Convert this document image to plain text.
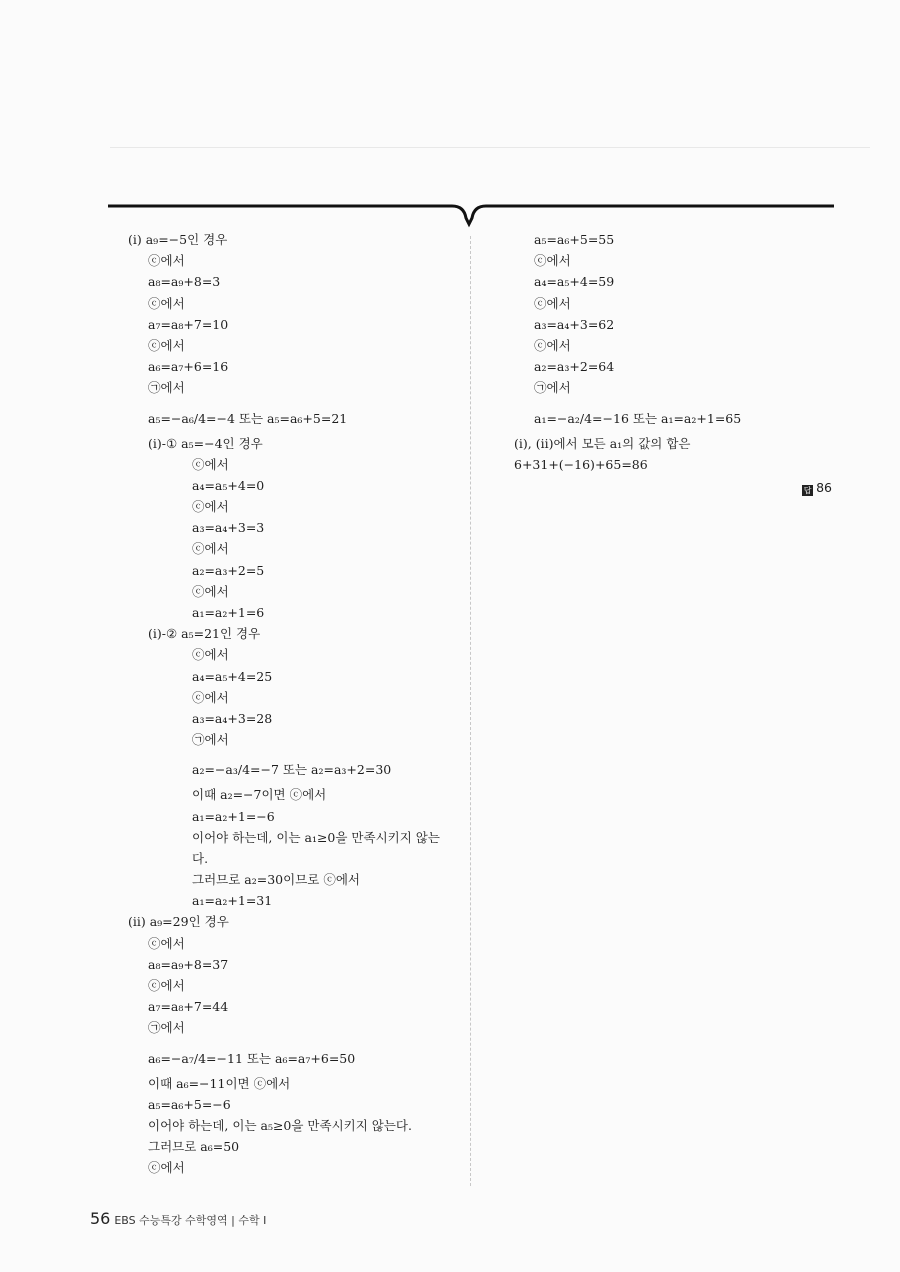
(ⅰ) a₉=−5인 경우
ⓒ에서
a₈=a₉+8=3
ⓒ에서
a₇=a₈+7=10
ⓒ에서
a₆=a₇+6=16
㉠에서
a₅=−a₆/4=−4 또는 a₅=a₆+5=21
(ⅰ)-① a₅=−4인 경우
ⓒ에서
a₄=a₅+4=0
ⓒ에서
a₃=a₄+3=3
ⓒ에서
a₂=a₃+2=5
ⓒ에서
a₁=a₂+1=6
(ⅰ)-② a₅=21인 경우
ⓒ에서
a₄=a₅+4=25
ⓒ에서
a₃=a₄+3=28
㉠에서
a₂=−a₃/4=−7 또는 a₂=a₃+2=30
이때 a₂=−7이면 ⓒ에서
a₁=a₂+1=−6
이어야 하는데, 이는 a₁≥0을 만족시키지 않는
다.
그러므로 a₂=30이므로 ⓒ에서
a₁=a₂+1=31
(ⅱ) a₉=29인 경우
ⓒ에서
a₈=a₉+8=37
ⓒ에서
a₇=a₈+7=44
㉠에서
a₆=−a₇/4=−11 또는 a₆=a₇+6=50
이때 a₆=−11이면 ⓒ에서
a₅=a₆+5=−6
이어야 하는데, 이는 a₅≥0을 만족시키지 않는다.
그러므로 a₆=50
ⓒ에서
a₅=a₆+5=55
ⓒ에서
a₄=a₅+4=59
ⓒ에서
a₃=a₄+3=62
ⓒ에서
a₂=a₃+2=64
㉠에서
a₁=−a₂/4=−16 또는 a₁=a₂+1=65
(ⅰ), (ⅱ)에서 모든 a₁의 값의 합은
6+31+(−16)+65=86
답 86
56 EBS 수능특강 수학영역 | 수학 I
